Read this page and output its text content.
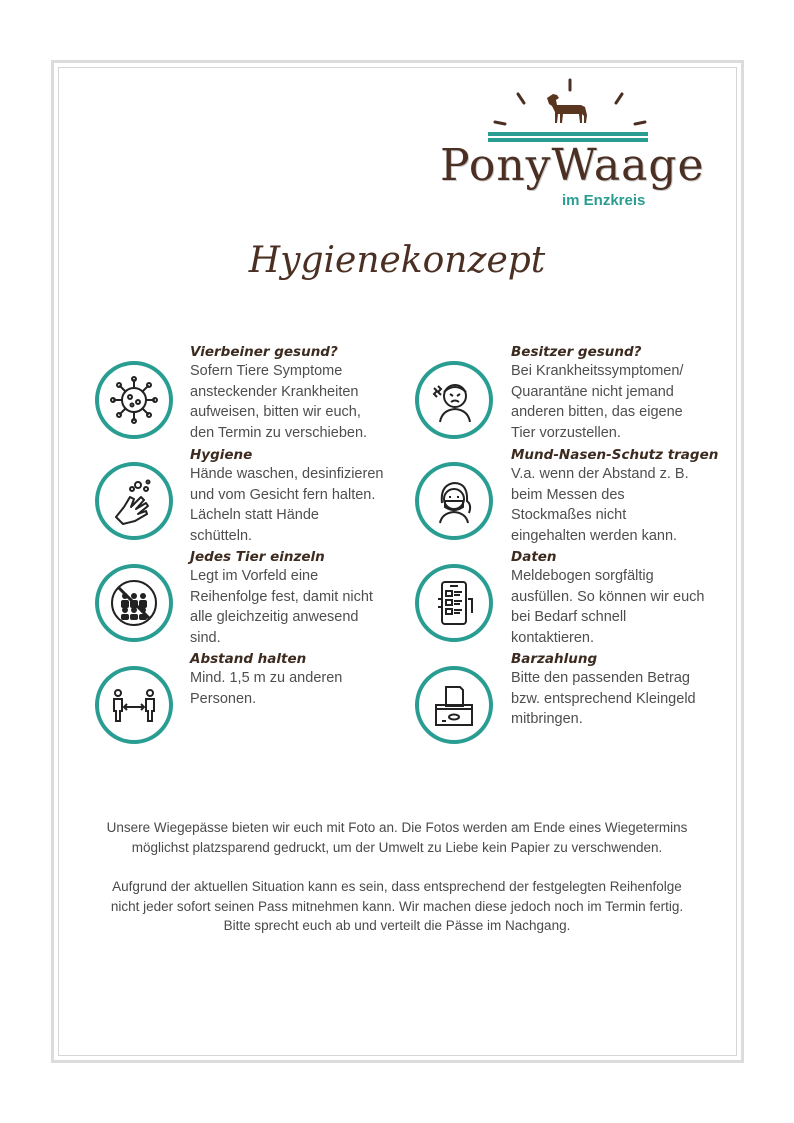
PonyWaage
im Enzkreis
Hygienekonzept
Vierbeiner gesund?
Sofern Tiere Symptome
ansteckender Krankheiten
aufweisen, bitten wir euch,
den Termin zu verschieben.
Hygiene
Hände waschen, desinfizieren
und vom Gesicht fern halten.
Lächeln statt Hände
schütteln.
Jedes Tier einzeln
Legt im Vorfeld eine
Reihenfolge fest, damit nicht
alle gleichzeitig anwesend
sind.
Abstand halten
Mind. 1,5 m zu anderen
Personen.
Besitzer gesund?
Bei Krankheitssymptomen/
Quarantäne nicht jemand
anderen bitten, das eigene
Tier vorzustellen.
Mund-Nasen-Schutz tragen
V.a. wenn der Abstand z. B.
beim Messen des
Stockmaßes nicht
eingehalten werden kann.
Daten
Meldebogen sorgfältig
ausfüllen. So können wir euch
bei Bedarf schnell
kontaktieren.
Barzahlung
Bitte den passenden Betrag
bzw. entsprechend Kleingeld
mitbringen.
Unsere Wiegepässe bieten wir euch mit Foto an. Die Fotos werden am Ende eines Wiegetermins
möglichst platzsparend gedruckt, um der Umwelt zu Liebe kein Papier zu verschwenden.
Aufgrund der aktuellen Situation kann es sein, dass entsprechend der festgelegten Reihenfolge
nicht jeder sofort seinen Pass mitnehmen kann. Wir machen diese jedoch noch im Termin fertig.
Bitte sprecht euch ab und verteilt die Pässe im Nachgang.
